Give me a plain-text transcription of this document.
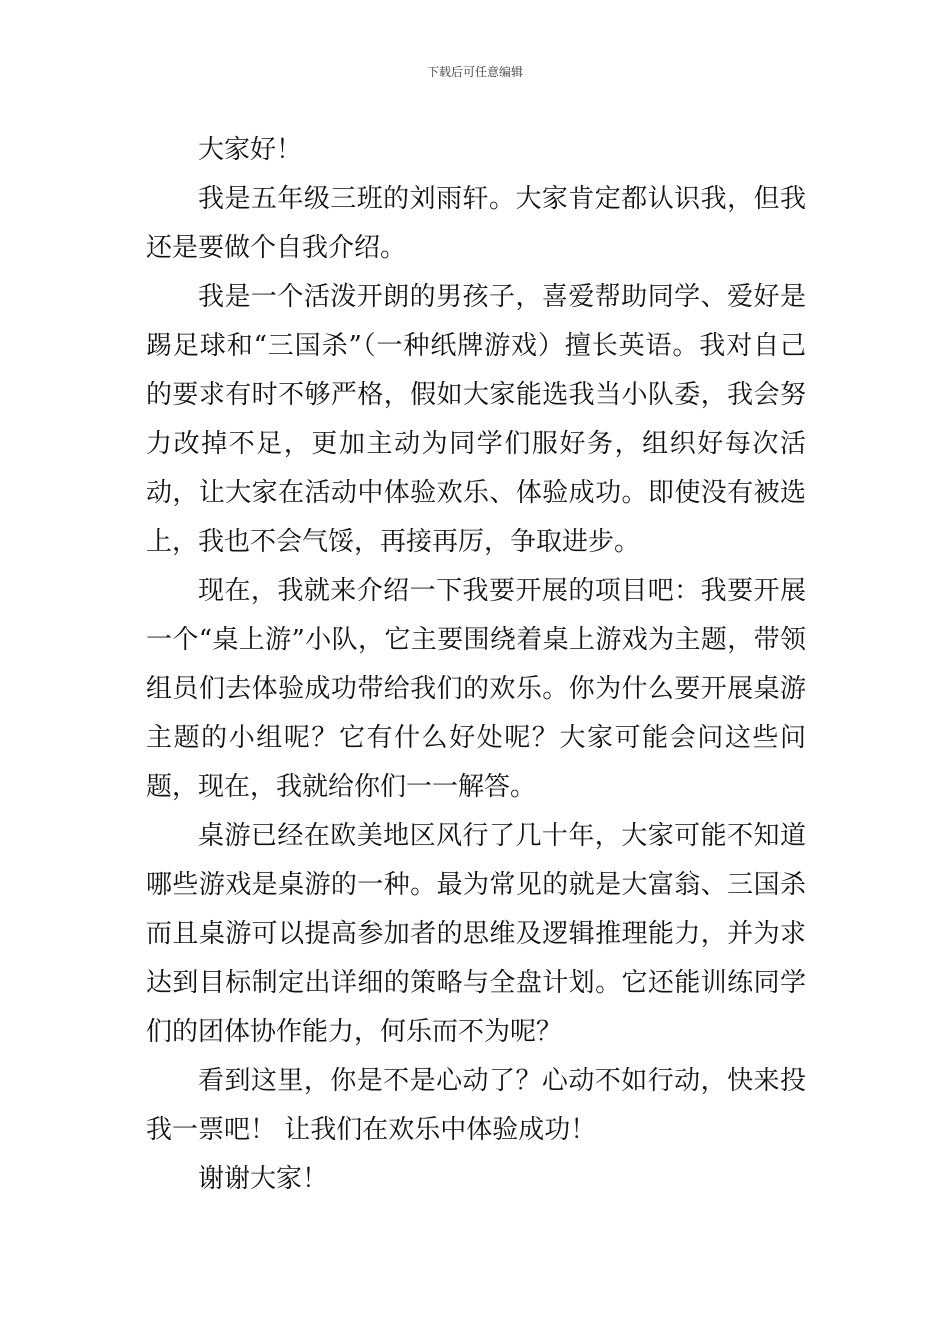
下载后可任意编辑

大家好！

我是五年级三班的刘雨轩。大家肯定都认识我，但我还是要做个自我介绍。

我是一个活泼开朗的男孩子，喜爱帮助同学、爱好是踢足球和“三国杀”（一种纸牌游戏）擅长英语。我对自己的要求有时不够严格，假如大家能选我当小队委，我会努力改掉不足，更加主动为同学们服好务，组织好每次活动，让大家在活动中体验欢乐、体验成功。即使没有被选上，我也不会气馁，再接再厉，争取进步。

现在，我就来介绍一下我要开展的项目吧：我要开展一个“桌上游”小队，它主要围绕着桌上游戏为主题，带领组员们去体验成功带给我们的欢乐。你为什么要开展桌游主题的小组呢？它有什么好处呢？大家可能会问这些问题，现在，我就给你们一一解答。

桌游已经在欧美地区风行了几十年，大家可能不知道哪些游戏是桌游的一种。最为常见的就是大富翁、三国杀而且桌游可以提高参加者的思维及逻辑推理能力，并为求达到目标制定出详细的策略与全盘计划。它还能训练同学们的团体协作能力，何乐而不为呢？

看到这里，你是不是心动了？心动不如行动，快来投我一票吧！ 让我们在欢乐中体验成功！

谢谢大家！
